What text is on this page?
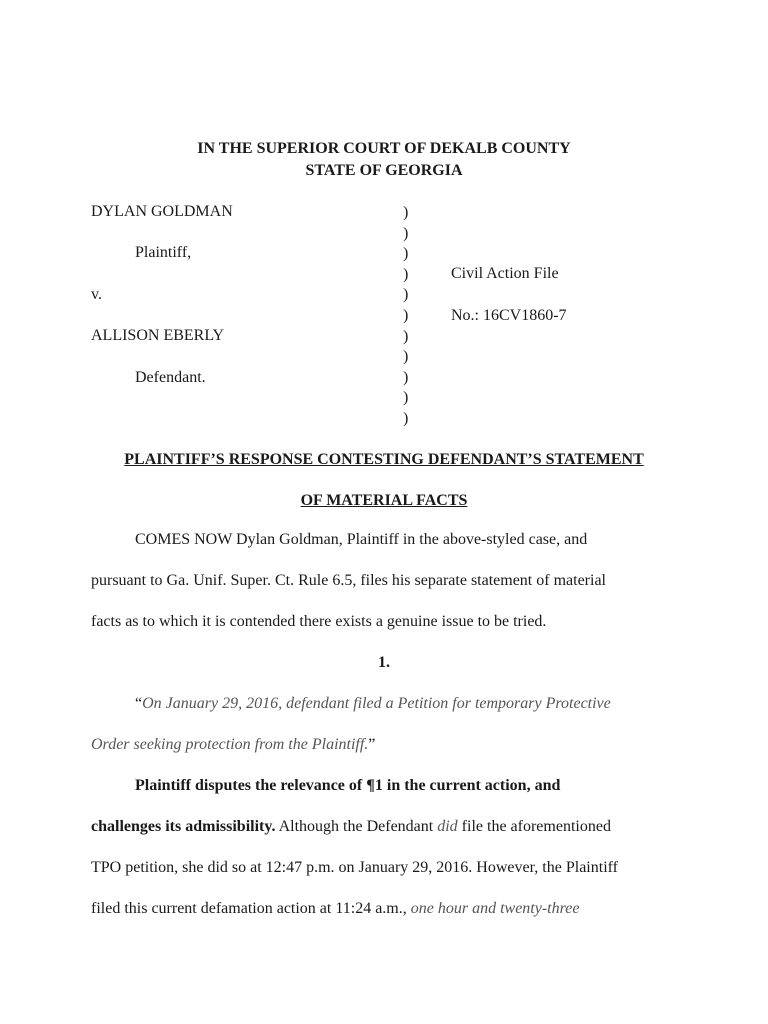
IN THE SUPERIOR COURT OF DEKALB COUNTY
STATE OF GEORGIA
DYLAN GOLDMAN
Plaintiff,
v.
ALLISON EBERLY
Defendant.
)
)
)
)
)
)
)
)
)
)
)
Civil Action File
No.: 16CV1860-7
PLAINTIFF’S RESPONSE CONTESTING DEFENDANT’S STATEMENT
OF MATERIAL FACTS
COMES NOW Dylan Goldman, Plaintiff in the above-styled case, and
pursuant to Ga. Unif. Super. Ct. Rule 6.5, files his separate statement of material
facts as to which it is contended there exists a genuine issue to be tried.
1.
“On January 29, 2016, defendant filed a Petition for temporary Protective
Order seeking protection from the Plaintiff.”
Plaintiff disputes the relevance of ¶1 in the current action, and
challenges its admissibility. Although the Defendant did file the aforementioned
TPO petition, she did so at 12:47 p.m. on January 29, 2016. However, the Plaintiff
filed this current defamation action at 11:24 a.m., one hour and twenty-three
